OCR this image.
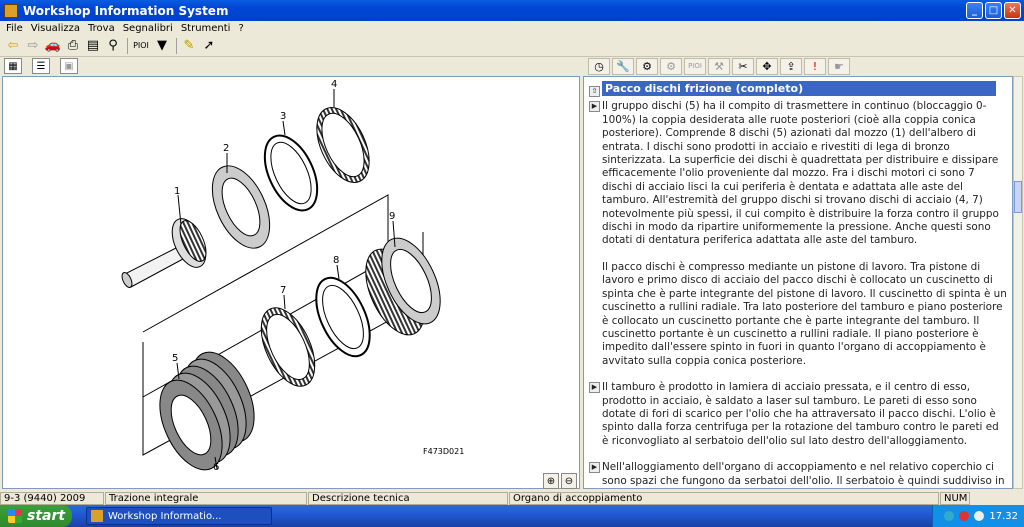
Workshop Information System	_	□	✕
File Visualizza Trova Segnalibri Strumenti ?
⇦ ⇨ 🚗 ⎙ ▤ ⚲	PIOI ▼	✎ ➚
▦	☰	▣	◷	🔧	⚙	⚙	PIOI	⚒	✂	✥	⇪	!	☛
1
2
3
4
5
6
7
8
9
F473D021
⊕ ⊖
Pacco dischi frizione (completo)
⇧
▶ Il gruppo dischi (5) ha il compito di trasmettere in continuo (bloccaggio 0-100%) la coppia desiderata alle ruote posteriori (cioè alla coppia conica posteriore). Comprende 8 dischi (5) azionati dal mozzo (1) dell'albero di entrata. I dischi sono prodotti in acciaio e rivestiti di lega di bronzo sinterizzata. La superficie dei dischi è quadrettata per distribuire e dissipare efficacemente l'olio proveniente dal mozzo. Fra i dischi motori ci sono 7 dischi di acciaio lisci la cui periferia è dentata e adattata alle aste del tamburo. All'estremità del gruppo dischi si trovano dischi di acciaio (4, 7) notevolmente più spessi, il cui compito è distribuire la forza contro il gruppo dischi in modo da ripartire uniformemente la pressione. Anche questi sono dotati di dentatura periferica adattata alle aste del tamburo.
Il pacco dischi è compresso mediante un pistone di lavoro. Tra pistone di lavoro e primo disco di acciaio del pacco dischi è collocato un cuscinetto di spinta che è parte integrante del pistone di lavoro. Il cuscinetto di spinta è un cuscinetto a rullini radiale. Tra lato posteriore del tamburo e piano posteriore è collocato un cuscinetto portante che è parte integrante del tamburo. Il cuscinetto portante è un cuscinetto a rullini radiale. Il piano posteriore è impedito dall'essere spinto in fuori in quanto l'organo di accoppiamento è avvitato sulla coppia conica posteriore.
▶ Il tamburo è prodotto in lamiera di acciaio pressata, e il centro di esso, prodotto in acciaio, è saldato a laser sul tamburo. Le pareti di esso sono dotate di fori di scarico per l'olio che ha attraversato il pacco dischi. L'olio è spinto dalla forza centrifuga per la rotazione del tamburo contro le pareti ed è riconvogliato al serbatoio dell'olio sul lato destro dell'alloggiamento.
▶ Nell'alloggiamento dell'organo di accoppiamento e nel relativo coperchio ci sono spazi che fungono da serbatoi dell'olio. Il serbatoio è quindi suddiviso in
9-3 (9440) 2009	Trazione integrale	Descrizione tecnica	Organo di accoppiamento	NUM
start	Workshop Informatio...	17.32
